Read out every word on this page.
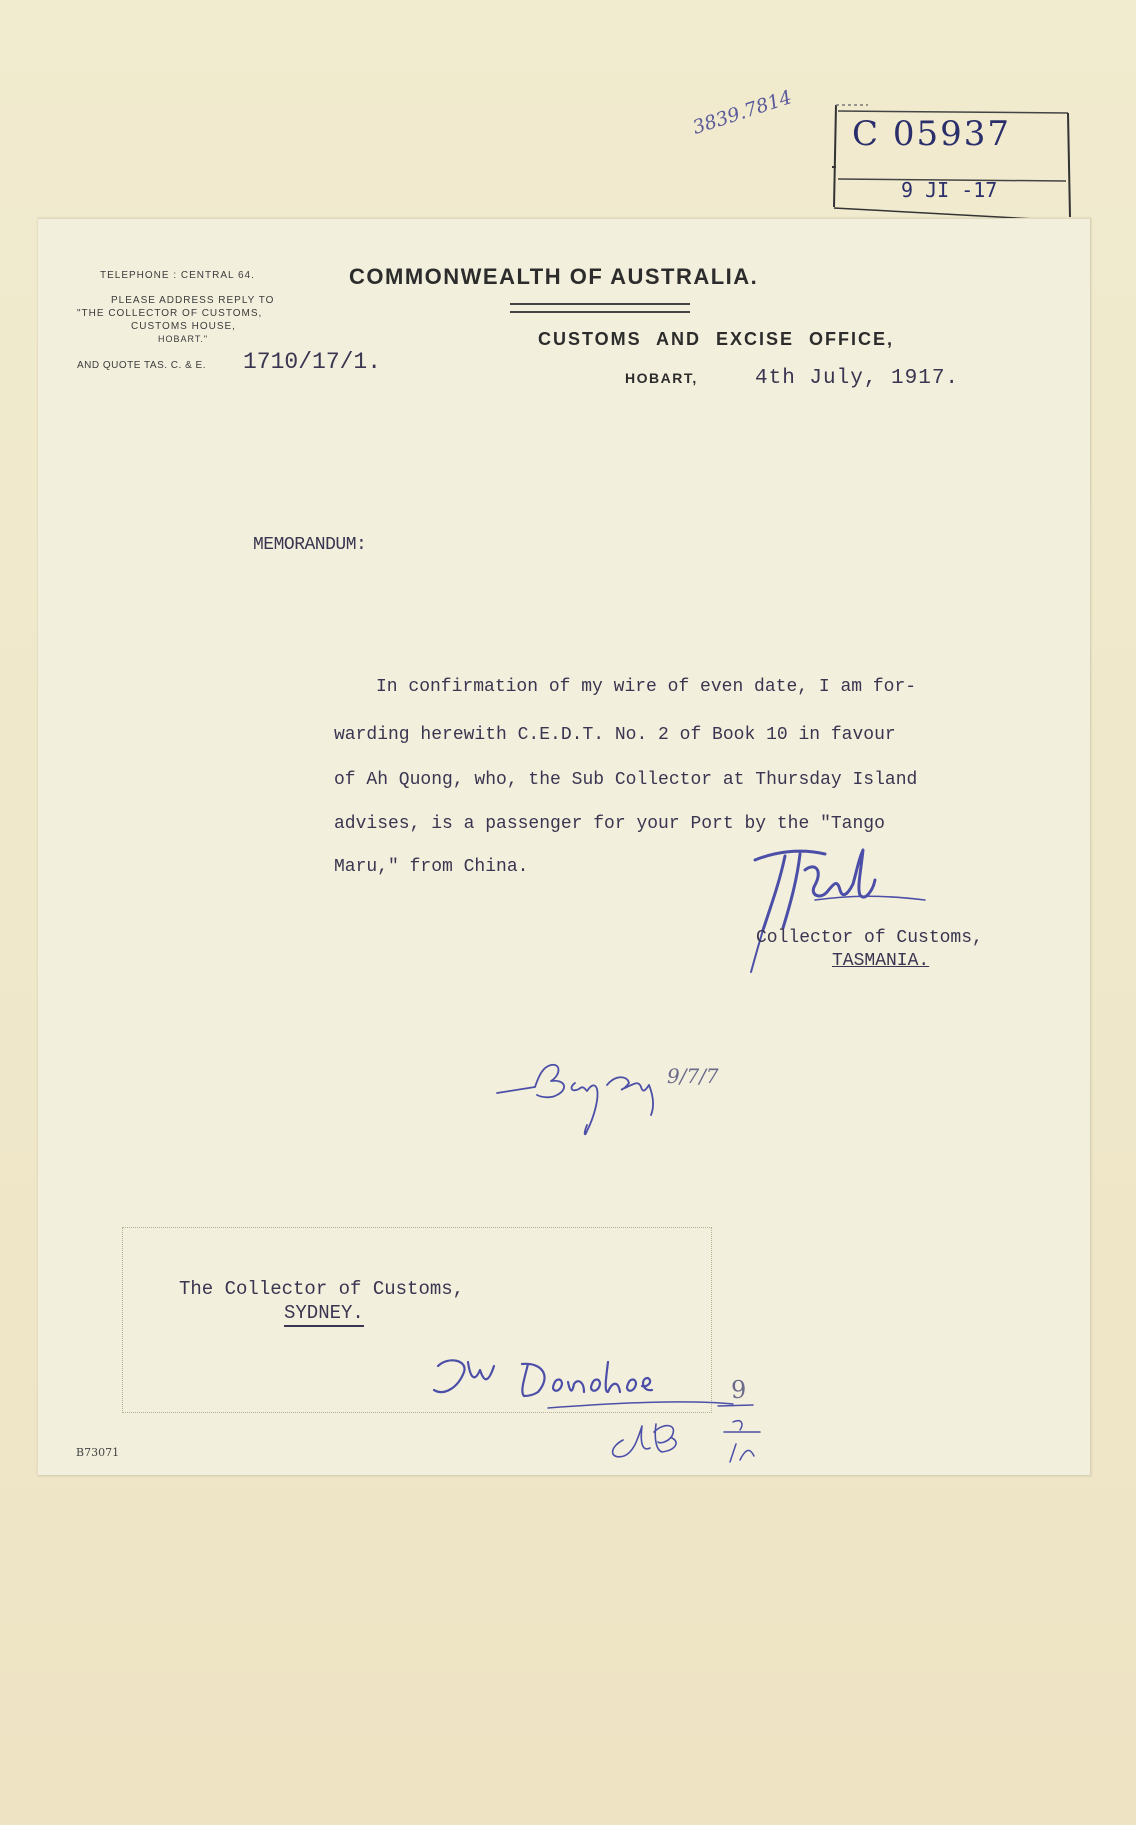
3839.7814 C 05937
9 JI -17
TELEPHONE : CENTRAL 64.
PLEASE ADDRESS REPLY TO
"THE COLLECTOR OF CUSTOMS,
CUSTOMS HOUSE,
HOBART."
AND QUOTE TAS. C. & E. 1710/17/1.
COMMONWEALTH OF AUSTRALIA.
CUSTOMS AND EXCISE OFFICE,
HOBART,	4th July, 1917.
MEMORANDUM:
In confirmation of my wire of even date, I am for-
warding herewith C.E.D.T. No. 2 of Book 10 in favour
of Ah Quong, who, the Sub Collector at Thursday Island
advises, is a passenger for your Port by the "Tango
Maru," from China.
Collector of Customs,
TASMANIA.
9/7/7
The Collector of Customs,
SYDNEY.
9
B73071
